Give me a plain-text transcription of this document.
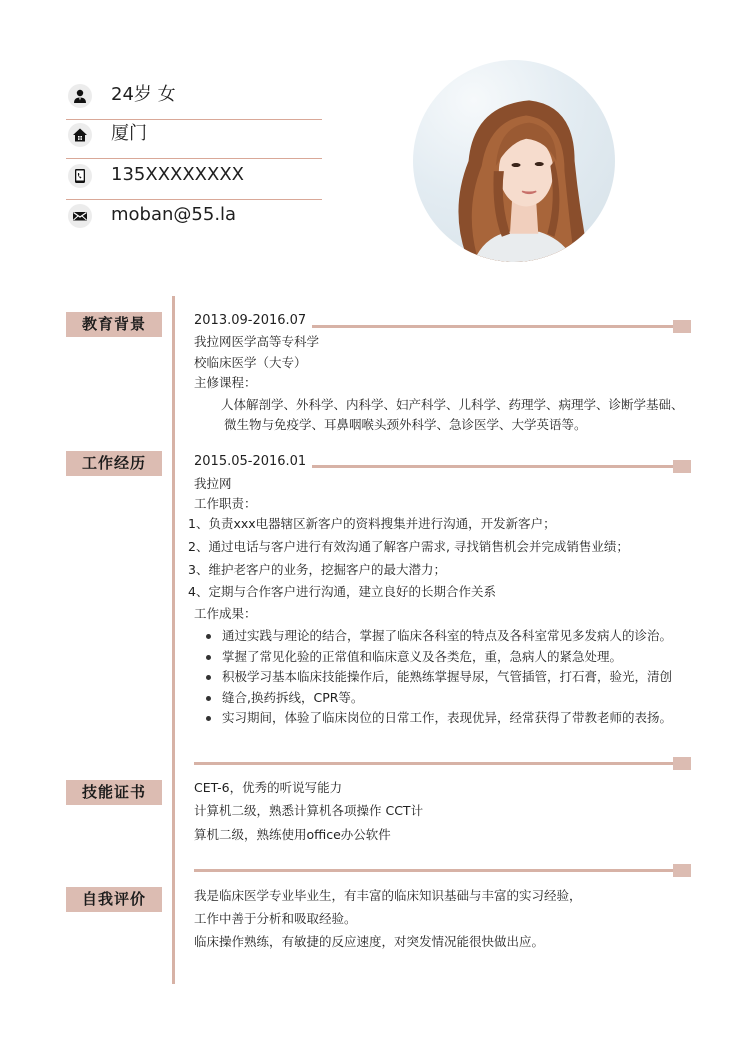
24岁 女
厦门
135XXXXXXXX
moban@55.la
教育背景	2013.09-2016.07
我拉网医学高等专科学
校临床医学（大专）
主修课程：
人体解剖学、外科学、内科学、妇产科学、儿科学、药理学、病理学、诊断学基础、
微生物与免疫学、耳鼻咽喉头颈外科学、急诊医学、大学英语等。
工作经历	2015.05-2016.01
我拉网
工作职责：
1、负责xxx电器辖区新客户的资料搜集并进行沟通，开发新客户；
2、通过电话与客户进行有效沟通了解客户需求, 寻找销售机会并完成销售业绩；
3、维护老客户的业务，挖掘客户的最大潜力；
4、定期与合作客户进行沟通，建立良好的长期合作关系
工作成果：
通过实践与理论的结合，掌握了临床各科室的特点及各科室常见多发病人的诊治。
掌握了常见化验的正常值和临床意义及各类危，重，急病人的紧急处理。
积极学习基本临床技能操作后，能熟练掌握导尿，气管插管，打石膏，验光，清创
缝合,换药拆线，CPR等。
实习期间，体验了临床岗位的日常工作，表现优异，经常获得了带教老师的表扬。
技能证书	CET-6，优秀的听说写能力
计算机二级，熟悉计算机各项操作 CCT计
算机二级，熟练使用office办公软件
自我评价	我是临床医学专业毕业生，有丰富的临床知识基础与丰富的实习经验，
工作中善于分析和吸取经验。
临床操作熟练，有敏捷的反应速度，对突发情况能很快做出应。
